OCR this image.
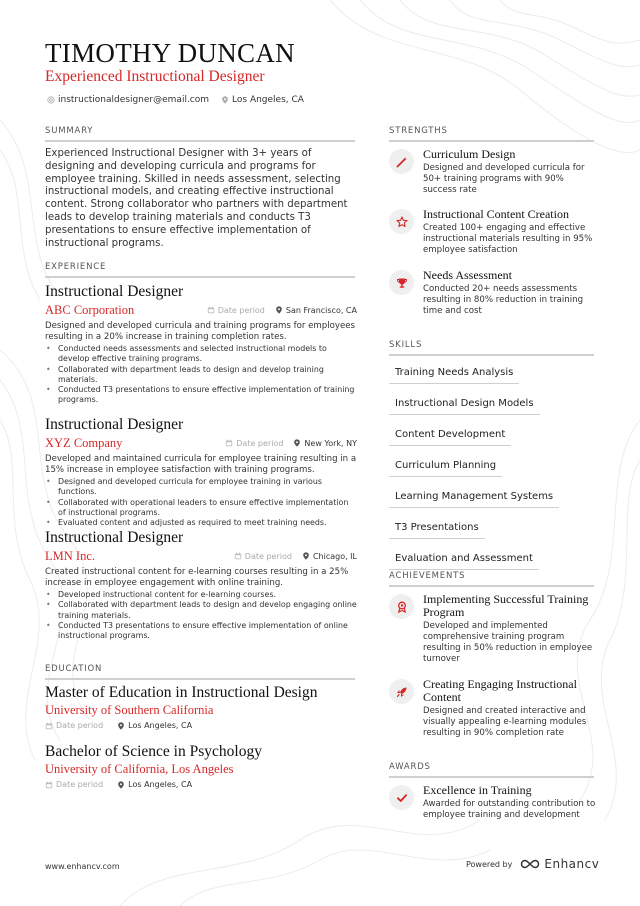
TIMOTHY DUNCAN
Experienced Instructional Designer
instructionaldesigner@email.com	Los Angeles, CA
SUMMARY
Experienced Instructional Designer with 3+ years of designing and developing curricula and programs for employee training. Skilled in needs assessment, selecting instructional models, and creating effective instructional content. Strong collaborator who partners with department leads to develop training materials and conducts T3 presentations to ensure effective implementation of instructional programs.
EXPERIENCE
Instructional Designer
ABC Corporation	Date period	San Francisco, CA
Designed and developed curricula and training programs for employees resulting in a 20% increase in training completion rates.
• Conducted needs assessments and selected instructional models to develop effective training programs.
• Collaborated with department leads to design and develop training materials.
• Conducted T3 presentations to ensure effective implementation of training programs.
Instructional Designer
XYZ Company	Date period	New York, NY
Developed and maintained curricula for employee training resulting in a 15% increase in employee satisfaction with training programs.
• Designed and developed curricula for employee training in various functions.
• Collaborated with operational leaders to ensure effective implementation of instructional programs.
• Evaluated content and adjusted as required to meet training needs.
Instructional Designer
LMN Inc.	Date period	Chicago, IL
Created instructional content for e-learning courses resulting in a 25% increase in employee engagement with online training.
• Developed instructional content for e-learning courses.
• Collaborated with department leads to design and develop engaging online training materials.
• Conducted T3 presentations to ensure effective implementation of online instructional programs.
EDUCATION
Master of Education in Instructional Design
University of Southern California
Date period	Los Angeles, CA
Bachelor of Science in Psychology
University of California, Los Angeles
Date period	Los Angeles, CA
STRENGTHS
Curriculum Design
Designed and developed curricula for 50+ training programs with 90% success rate
Instructional Content Creation
Created 100+ engaging and effective instructional materials resulting in 95% employee satisfaction
Needs Assessment
Conducted 20+ needs assessments resulting in 80% reduction in training time and cost
SKILLS
Training Needs Analysis
Instructional Design Models
Content Development
Curriculum Planning
Learning Management Systems
T3 Presentations
Evaluation and Assessment
ACHIEVEMENTS
Implementing Successful Training Program
Developed and implemented comprehensive training program resulting in 50% reduction in employee turnover
Creating Engaging Instructional Content
Designed and created interactive and visually appealing e-learning modules resulting in 90% completion rate
AWARDS
Excellence in Training
Awarded for outstanding contribution to employee training and development
www.enhancv.com	Powered by	Enhancv
